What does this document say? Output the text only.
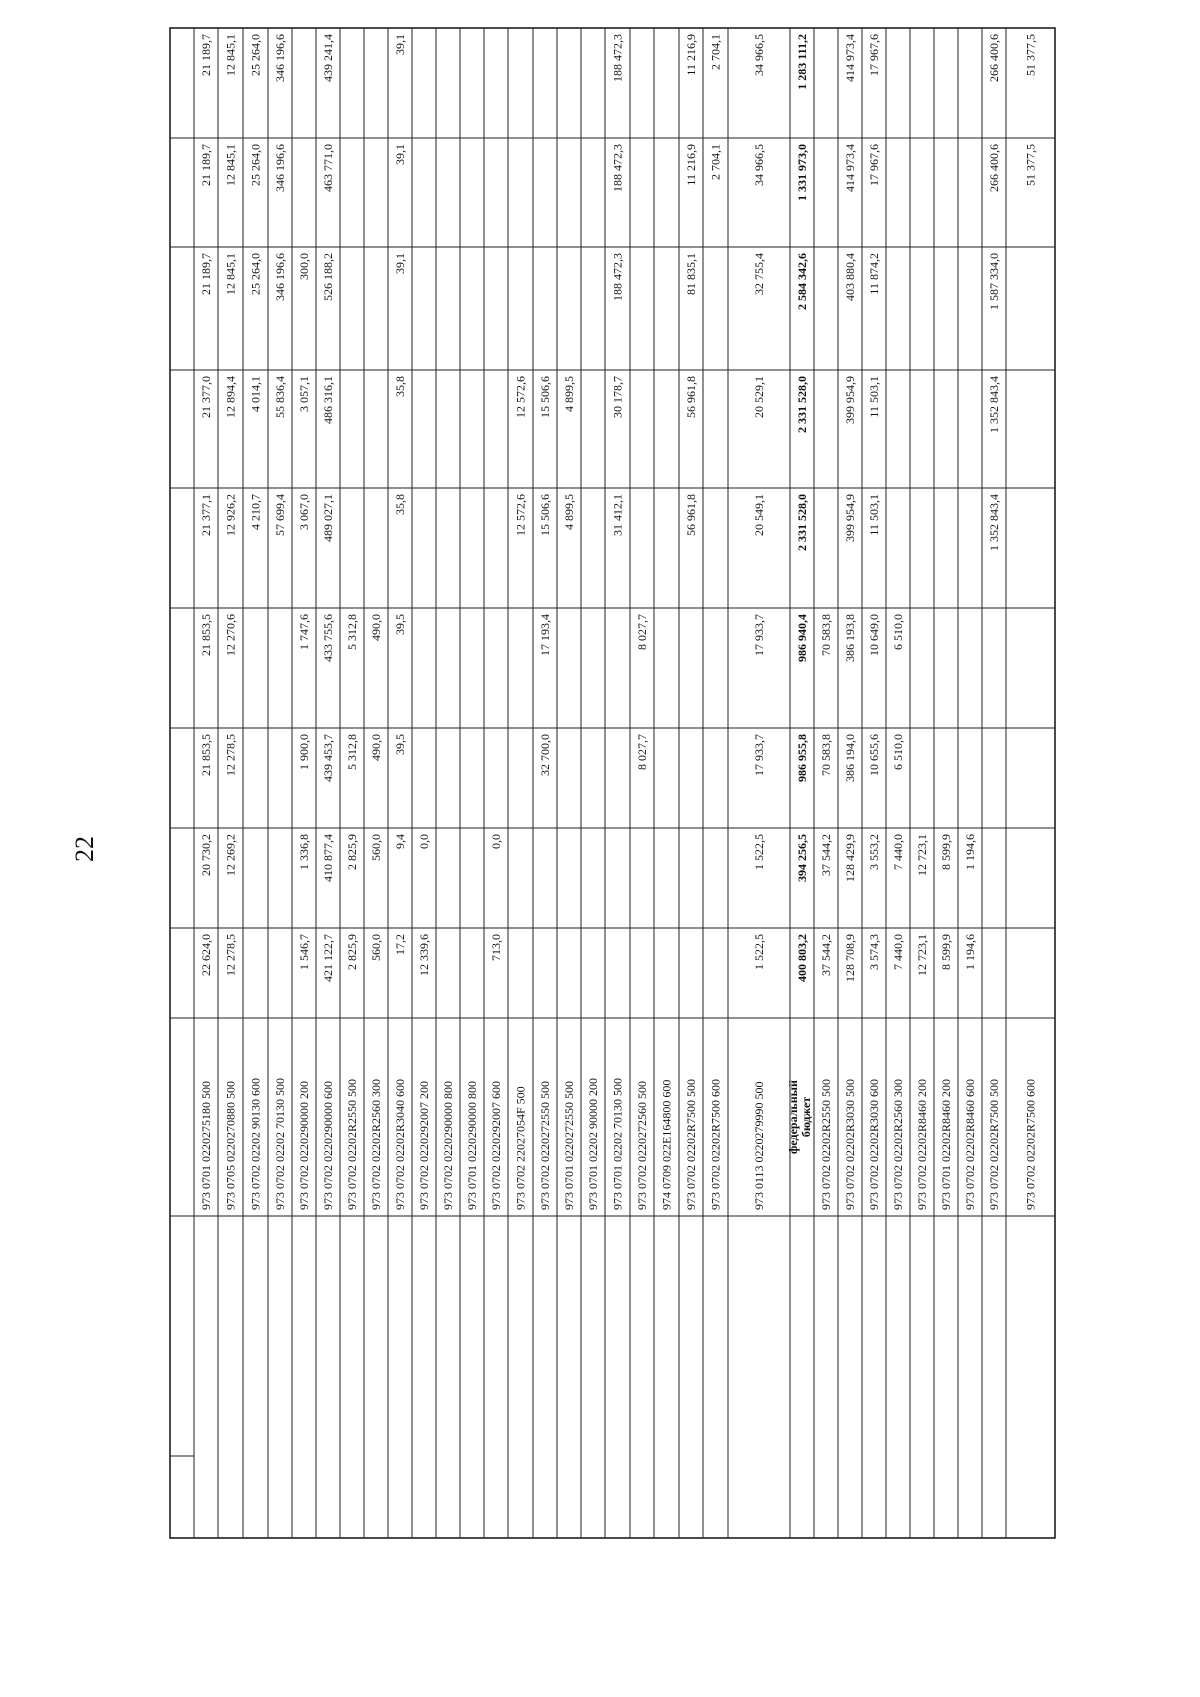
22
973 0701 0220275180 500
22 624,0
20 730,2
21 853,5
21 853,5
21 377,1
21 377,0
21 189,7
21 189,7
21 189,7
973 0705 0220270880 500
12 278,5
12 269,2
12 278,5
12 270,6
12 926,2
12 894,4
12 845,1
12 845,1
12 845,1
973 0702 02202 90130 600
4 210,7
4 014,1
25 264,0
25 264,0
25 264,0
973 0702 02202 70130 500
57 699,4
55 836,4
346 196,6
346 196,6
346 196,6
973 0702 0220290000 200
1 546,7
1 336,8
1 900,0
1 747,6
3 067,0
3 057,1
300,0
973 0702 0220290000 600
421 122,7
410 877,4
439 453,7
433 755,6
489 027,1
486 316,1
526 188,2
463 771,0
439 241,4
973 0702 02202R2550 500
2 825,9
2 825,9
5 312,8
5 312,8
973 0702 02202R2560 300
560,0
560,0
490,0
490,0
973 0702 02202R3040 600
17,2
9,4
39,5
39,5
35,8
35,8
39,1
39,1
39,1
973 0702 0220292007 200
12 339,6
0,0
973 0702 0220290000 800 973 0701 0220290000 800 973 0702 0220292007 600
713,0
0,0
973 0702 22027054F 500
12 572,6
12 572,6
973 0702 0220272550 500
32 700,0
17 193,4
15 506,6
15 506,6
973 0701 0220272550 500
4 899,5
4 899,5
973 0701 02202 90000 200 973 0701 02202 70130 500
31 412,1
30 178,7
188 472,3
188 472,3
188 472,3
973 0702 0220272560 500
8 027,7
8 027,7
974 0709 022E164800 600 973 0702 02202R7500 500
56 961,8
56 961,8
81 835,1
11 216,9
11 216,9
973 0702 02202R7500 600
2 704,1
2 704,1
973 0113 0220279990 500
1 522,5
1 522,5
17 933,7
17 933,7
20 549,1
20 529,1
32 755,4
34 966,5
34 966,5
федеральный бюджет
400 803,2
394 256,5
986 955,8
986 940,4
2 331 528,0
2 331 528,0
2 584 342,6
1 331 973,0
1 283 111,2
973 0702 02202R2550 500
37 544,2
37 544,2
70 583,8
70 583,8
973 0702 02202R3030 500
128 708,9
128 429,9
386 194,0
386 193,8
399 954,9
399 954,9
403 880,4
414 973,4
414 973,4
973 0702 02202R3030 600
3 574,3
3 553,2
10 655,6
10 649,0
11 503,1
11 503,1
11 874,2
17 967,6
17 967,6
973 0702 02202R2560 300
7 440,0
7 440,0
6 510,0
6 510,0
973 0702 02202R8460 200
12 723,1
12 723,1
973 0701 02202R8460 200
8 599,9
8 599,9
973 0702 02202R8460 600
1 194,6
1 194,6
973 0702 02202R7500 500
1 352 843,4
1 352 843,4
1 587 334,0
266 400,6
266 400,6
973 0702 02202R7500 600
51 377,5
51 377,5
